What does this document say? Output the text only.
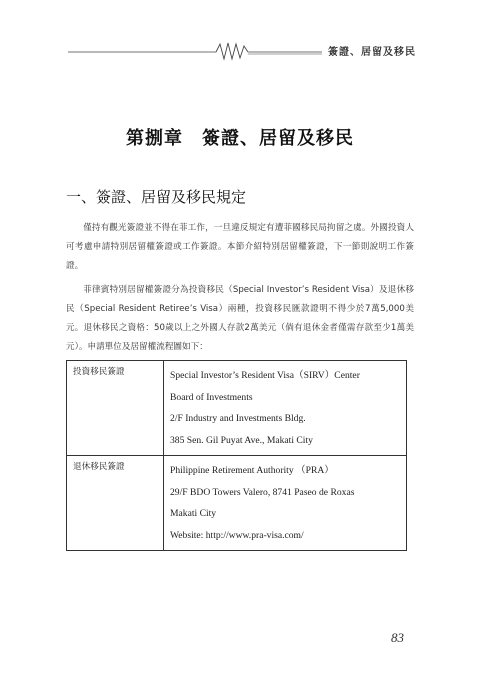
簽證、居留及移民
第捌章　簽證、居留及移民
一、簽證、居留及移民規定

僅持有觀光簽證並不得在菲工作，一旦違反規定有遭菲國移民局拘留之虞。外國投資人可考慮申請特別居留權簽證或工作簽證。本節介紹特別居留權簽證，下一節則說明工作簽證。

菲律賓特別居留權簽證分為投資移民（Special Investor’s Resident Visa）及退休移民（Special Resident Retiree’s Visa）兩種，投資移民匯款證明不得少於7萬5,000美元。退休移民之資格：50歲以上之外國人存款2萬美元（倘有退休金者僅需存款至少1萬美元）。申請單位及居留權流程圖如下：

投資移民簽證	Special Investor’s Resident Visa（SIRV）Center
Board of Investments
2/F Industry and Investments Bldg.
385 Sen. Gil Puyat Ave., Makati City

退休移民簽證	Philippine Retirement Authority （PRA）
29/F BDO Towers Valero, 8741 Paseo de Roxas
Makati City
Website: http://www.pra-visa.com/
83
